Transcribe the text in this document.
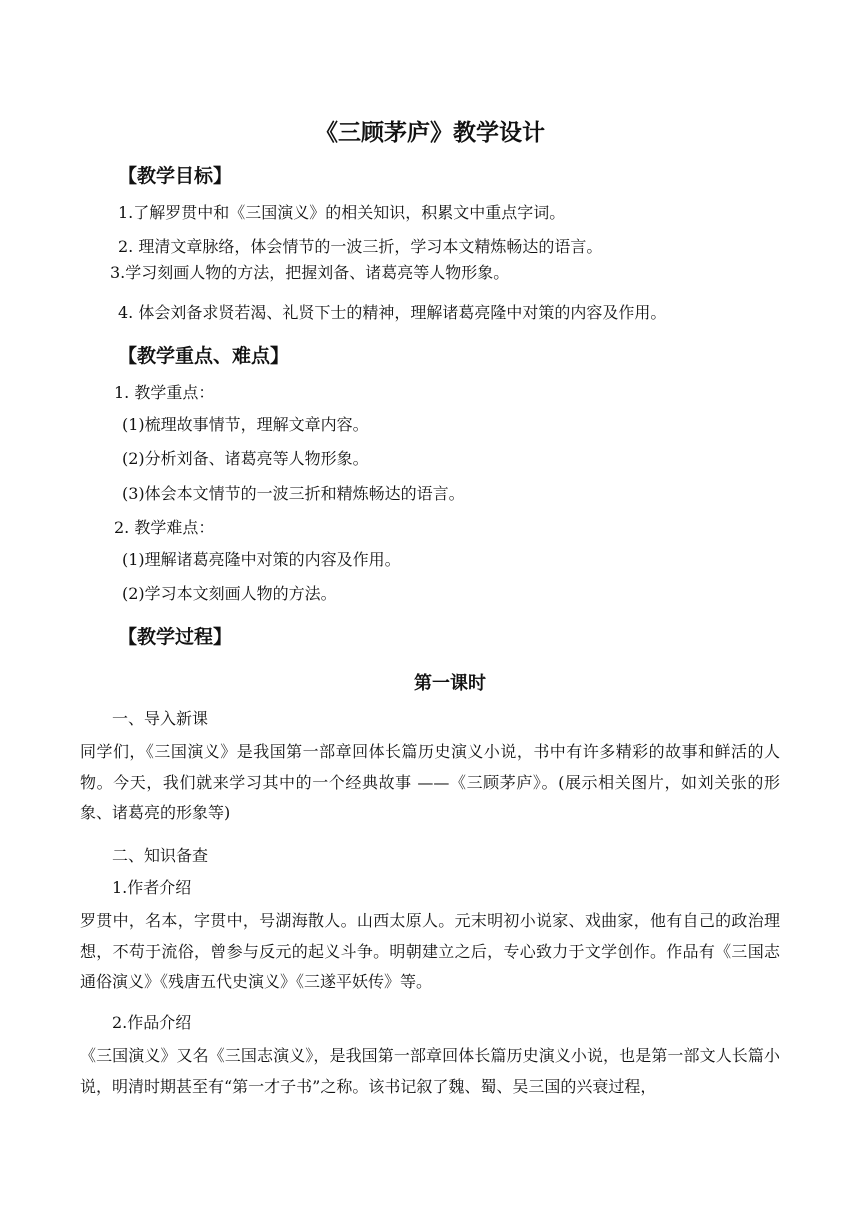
《三顾茅庐》教学设计
【教学目标】
1.了解罗贯中和《三国演义》的相关知识，积累文中重点字词。
2. 理清文章脉络，体会情节的一波三折，学习本文精炼畅达的语言。
3.学习刻画人物的方法，把握刘备、诸葛亮等人物形象。
4. 体会刘备求贤若渴、礼贤下士的精神，理解诸葛亮隆中对策的内容及作用。
【教学重点、难点】
1. 教学重点：
(1)梳理故事情节，理解文章内容。
(2)分析刘备、诸葛亮等人物形象。
(3)体会本文情节的一波三折和精炼畅达的语言。
2. 教学难点：
(1)理解诸葛亮隆中对策的内容及作用。
(2)学习本文刻画人物的方法。
【教学过程】
第一课时
一、导入新课
同学们，《三国演义》是我国第一部章回体长篇历史演义小说，书中有许多精彩的故事和鲜活的人物。今天，我们就来学习其中的一个经典故事 ——《三顾茅庐》。(展示相关图片，如刘关张的形象、诸葛亮的形象等)
二、知识备查
1.作者介绍
罗贯中，名本，字贯中，号湖海散人。山西太原人。元末明初小说家、戏曲家，他有自己的政治理想，不苟于流俗，曾参与反元的起义斗争。明朝建立之后，专心致力于文学创作。作品有《三国志通俗演义》《残唐五代史演义》《三遂平妖传》等。
2.作品介绍
《三国演义》又名《三国志演义》，是我国第一部章回体长篇历史演义小说，也是第一部文人长篇小说，明清时期甚至有“第一才子书”之称。该书记叙了魏、蜀、吴三国的兴衰过程，
